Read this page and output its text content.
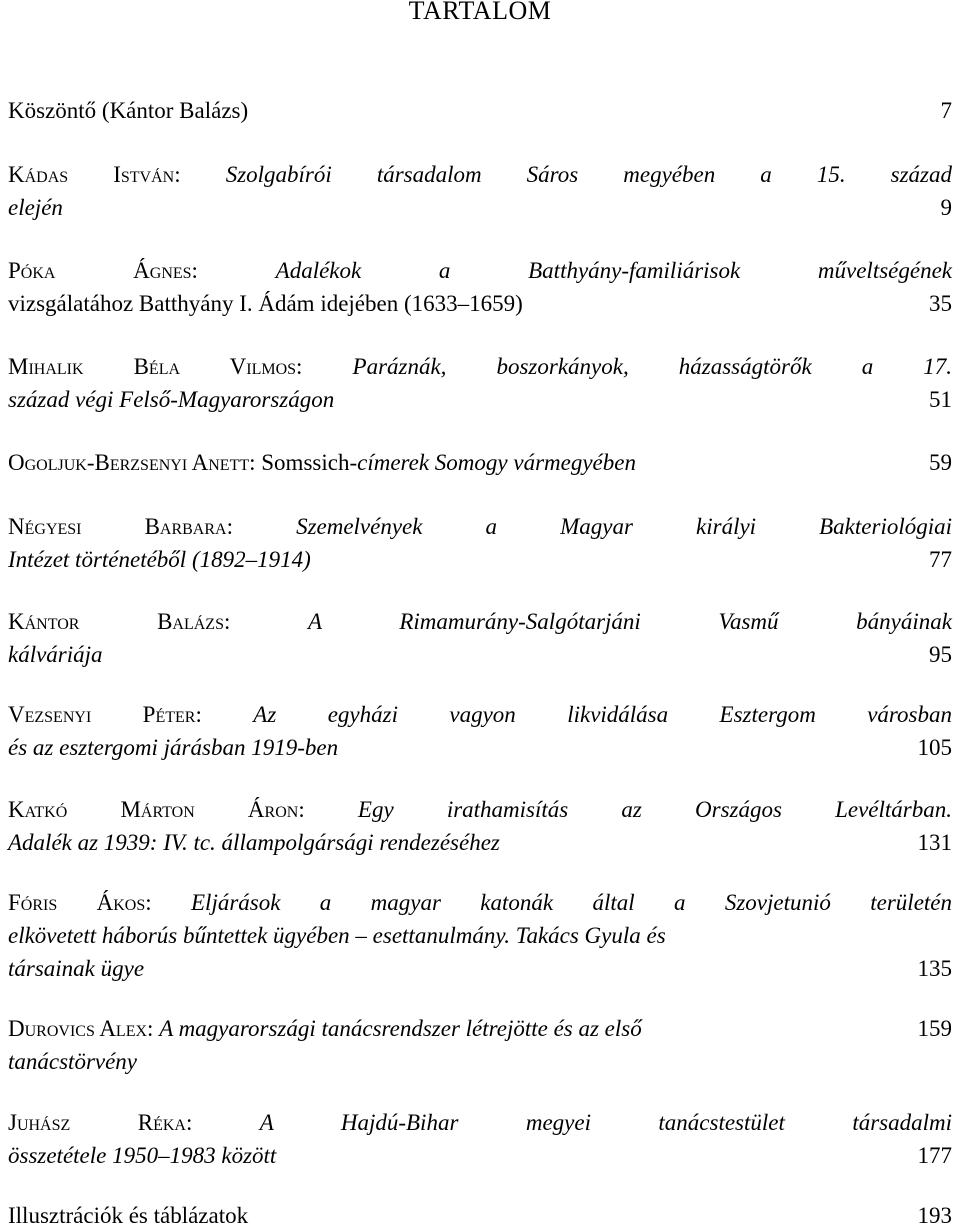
TARTALOM
Köszöntő (Kántor Balázs)	7
Kádas István: Szolgabírói társadalom Sáros megyében a 15. század
elején	9
Póka Ágnes:	Adalékok a Batthyány-familiárisok műveltségének
vizsgálatához Batthyány I. Ádám idejében (1633–1659)	35
Mihalik Béla Vilmos: Paráznák, boszorkányok, házasságtörők a 17.
század végi Felső-Magyarországon	51
Ogoljuk-Berzsenyi Anett: Somssich-címerek Somogy vármegyében	59
Négyesi Barbara:	Szemelvények a Magyar királyi Bakteriológiai
Intézet történetéből (1892–1914)	77
Kántor Balázs:	A Rimamurány-Salgótarjáni Vasmű bányáinak
kálváriája	95
Vezsenyi Péter: Az egyházi vagyon likvidálása Esztergom városban
és az esztergomi járásban 1919-ben	105
Katkó Márton Áron: Egy irathamisítás az Országos Levéltárban.
Adalék az 1939: IV. tc. állampolgársági rendezéséhez	131
Fóris Ákos: Eljárások a magyar katonák által a Szovjetunió területén
elkövetett háborús bűntettek ügyében – esettanulmány. Takács Gyula és
társainak ügye	135
Durovics Alex: A magyarországi tanácsrendszer létrejötte és az első	159
tanácstörvény
Juhász Réka:	A Hajdú-Bihar megyei tanácstestület társadalmi
összetétele 1950–1983 között	177
Illusztrációk és táblázatok	193
